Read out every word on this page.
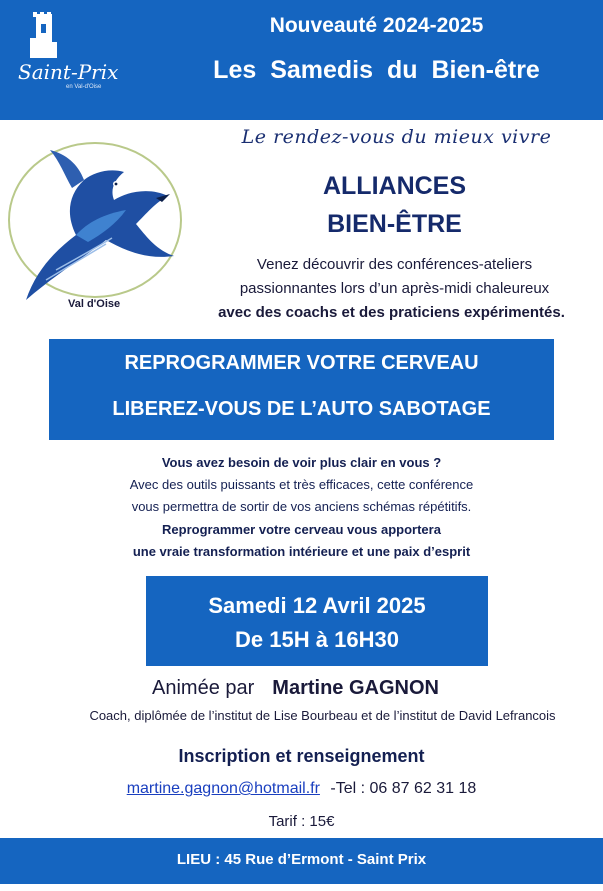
Saint-Prix
en Val-d'Oise
Nouveauté 2024-2025
Les Samedis du Bien-être
Le rendez-vous du mieux vivre
Val d'Oise
ALLIANCES
BIEN-ÊTRE
Venez découvrir des conférences-ateliers
passionnantes lors d’un après-midi chaleureux
avec des coachs et des praticiens expérimentés.
REPROGRAMMER VOTRE CERVEAU
LIBEREZ-VOUS DE L’AUTO SABOTAGE
Vous avez besoin de voir plus clair en vous ?
Avec des outils puissants et très efficaces, cette conférence
vous permettra de sortir de vos anciens schémas répétitifs.
Reprogrammer votre cerveau vous apportera
une vraie transformation intérieure et une paix d’esprit
Samedi 12 Avril 2025
De 15H à 16H30
Animée par Martine GAGNON
Coach, diplômée de l’institut de Lise Bourbeau et de l’institut de David Lefrancois
Inscription et renseignement
martine.gagnon@hotmail.fr -Tel : 06 87 62 31 18
Tarif : 15€
LIEU : 45 Rue d’Ermont - Saint Prix
